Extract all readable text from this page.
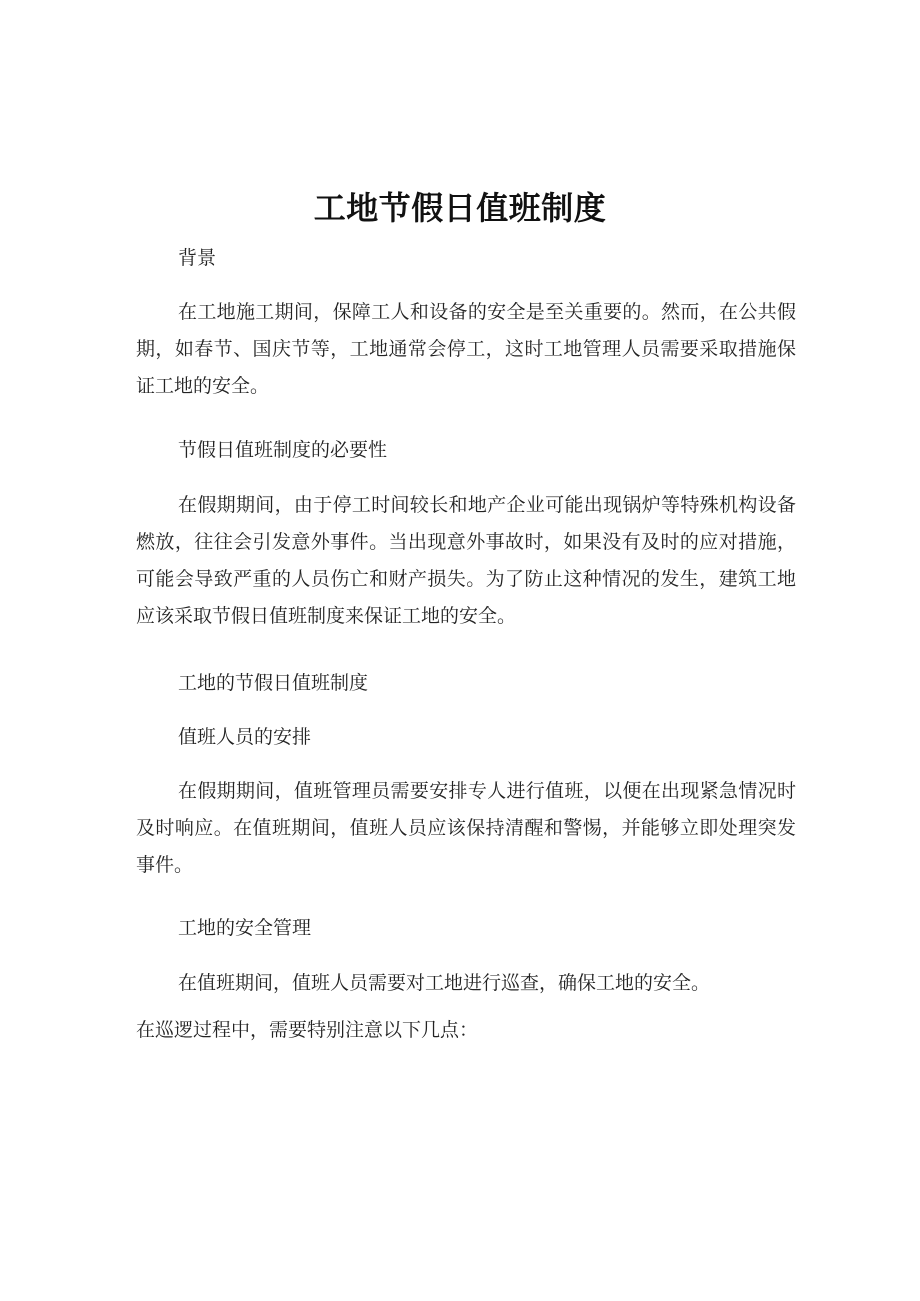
工地节假日值班制度
背景
在工地施工期间，保障工人和设备的安全是至关重要的。然而，在公共假期，如春节、国庆节等，工地通常会停工，这时工地管理人员需要采取措施保证工地的安全。
节假日值班制度的必要性
在假期期间，由于停工时间较长和地产企业可能出现锅炉等特殊机构设备燃放，往往会引发意外事件。当出现意外事故时，如果没有及时的应对措施，可能会导致严重的人员伤亡和财产损失。为了防止这种情况的发生，建筑工地应该采取节假日值班制度来保证工地的安全。
工地的节假日值班制度
值班人员的安排
在假期期间，值班管理员需要安排专人进行值班，以便在出现紧急情况时及时响应。在值班期间，值班人员应该保持清醒和警惕，并能够立即处理突发事件。
工地的安全管理
在值班期间，值班人员需要对工地进行巡查，确保工地的安全。
在巡逻过程中，需要特别注意以下几点：
